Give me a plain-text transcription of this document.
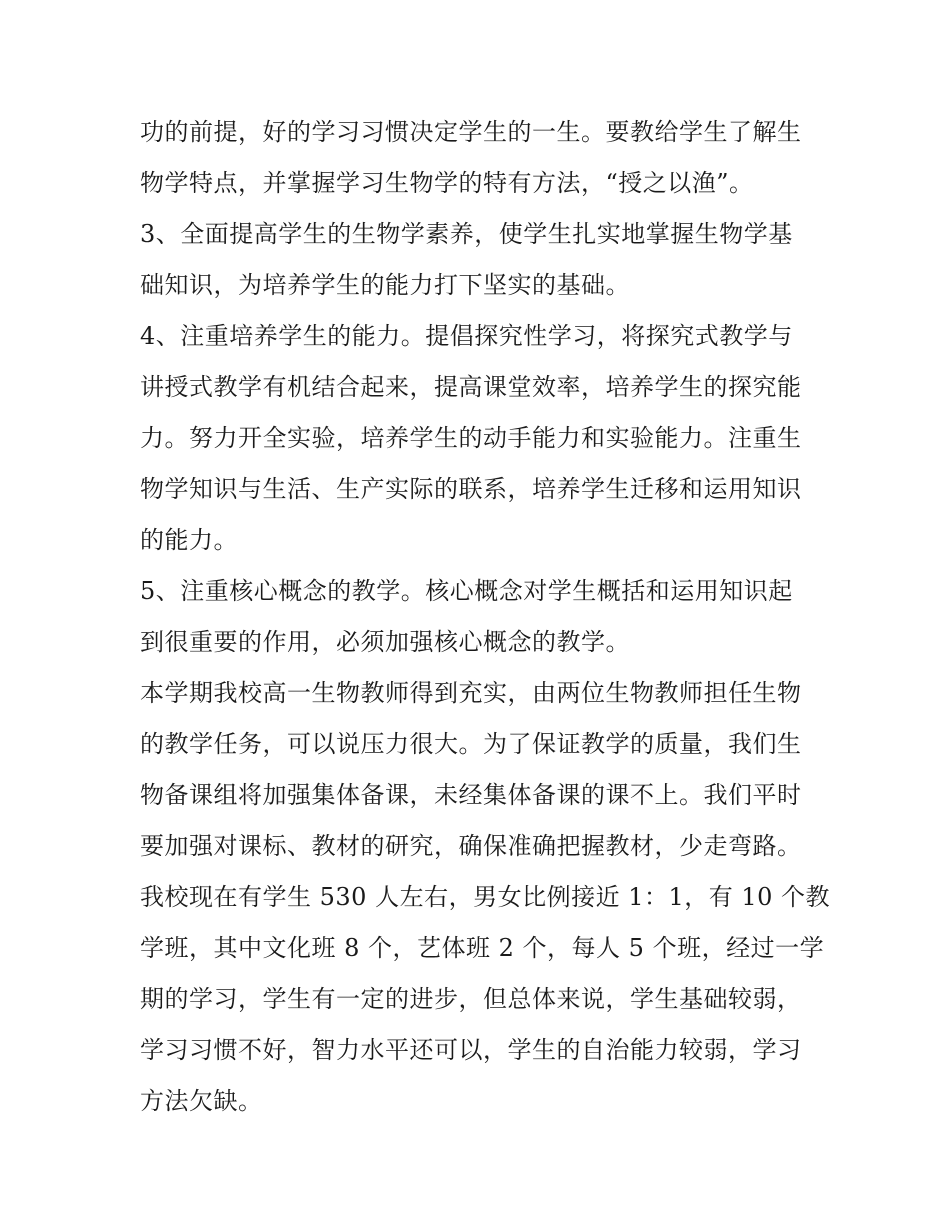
功的前提，好的学习习惯决定学生的一生。要教给学生了解生
物学特点，并掌握学习生物学的特有方法，“授之以渔”。
3、全面提高学生的生物学素养，使学生扎实地掌握生物学基
础知识，为培养学生的能力打下坚实的基础。
4、注重培养学生的能力。提倡探究性学习，将探究式教学与
讲授式教学有机结合起来，提高课堂效率，培养学生的探究能
力。努力开全实验，培养学生的动手能力和实验能力。注重生
物学知识与生活、生产实际的联系，培养学生迁移和运用知识
的能力。
5、注重核心概念的教学。核心概念对学生概括和运用知识起
到很重要的作用，必须加强核心概念的教学。
本学期我校高一生物教师得到充实，由两位生物教师担任生物
的教学任务，可以说压力很大。为了保证教学的质量，我们生
物备课组将加强集体备课，未经集体备课的课不上。我们平时
要加强对课标、教材的研究，确保准确把握教材，少走弯路。
我校现在有学生 530 人左右，男女比例接近 1：1，有 10 个教
学班，其中文化班 8 个，艺体班 2 个，每人 5 个班，经过一学
期的学习，学生有一定的进步，但总体来说，学生基础较弱，
学习习惯不好，智力水平还可以，学生的自治能力较弱，学习
方法欠缺。
